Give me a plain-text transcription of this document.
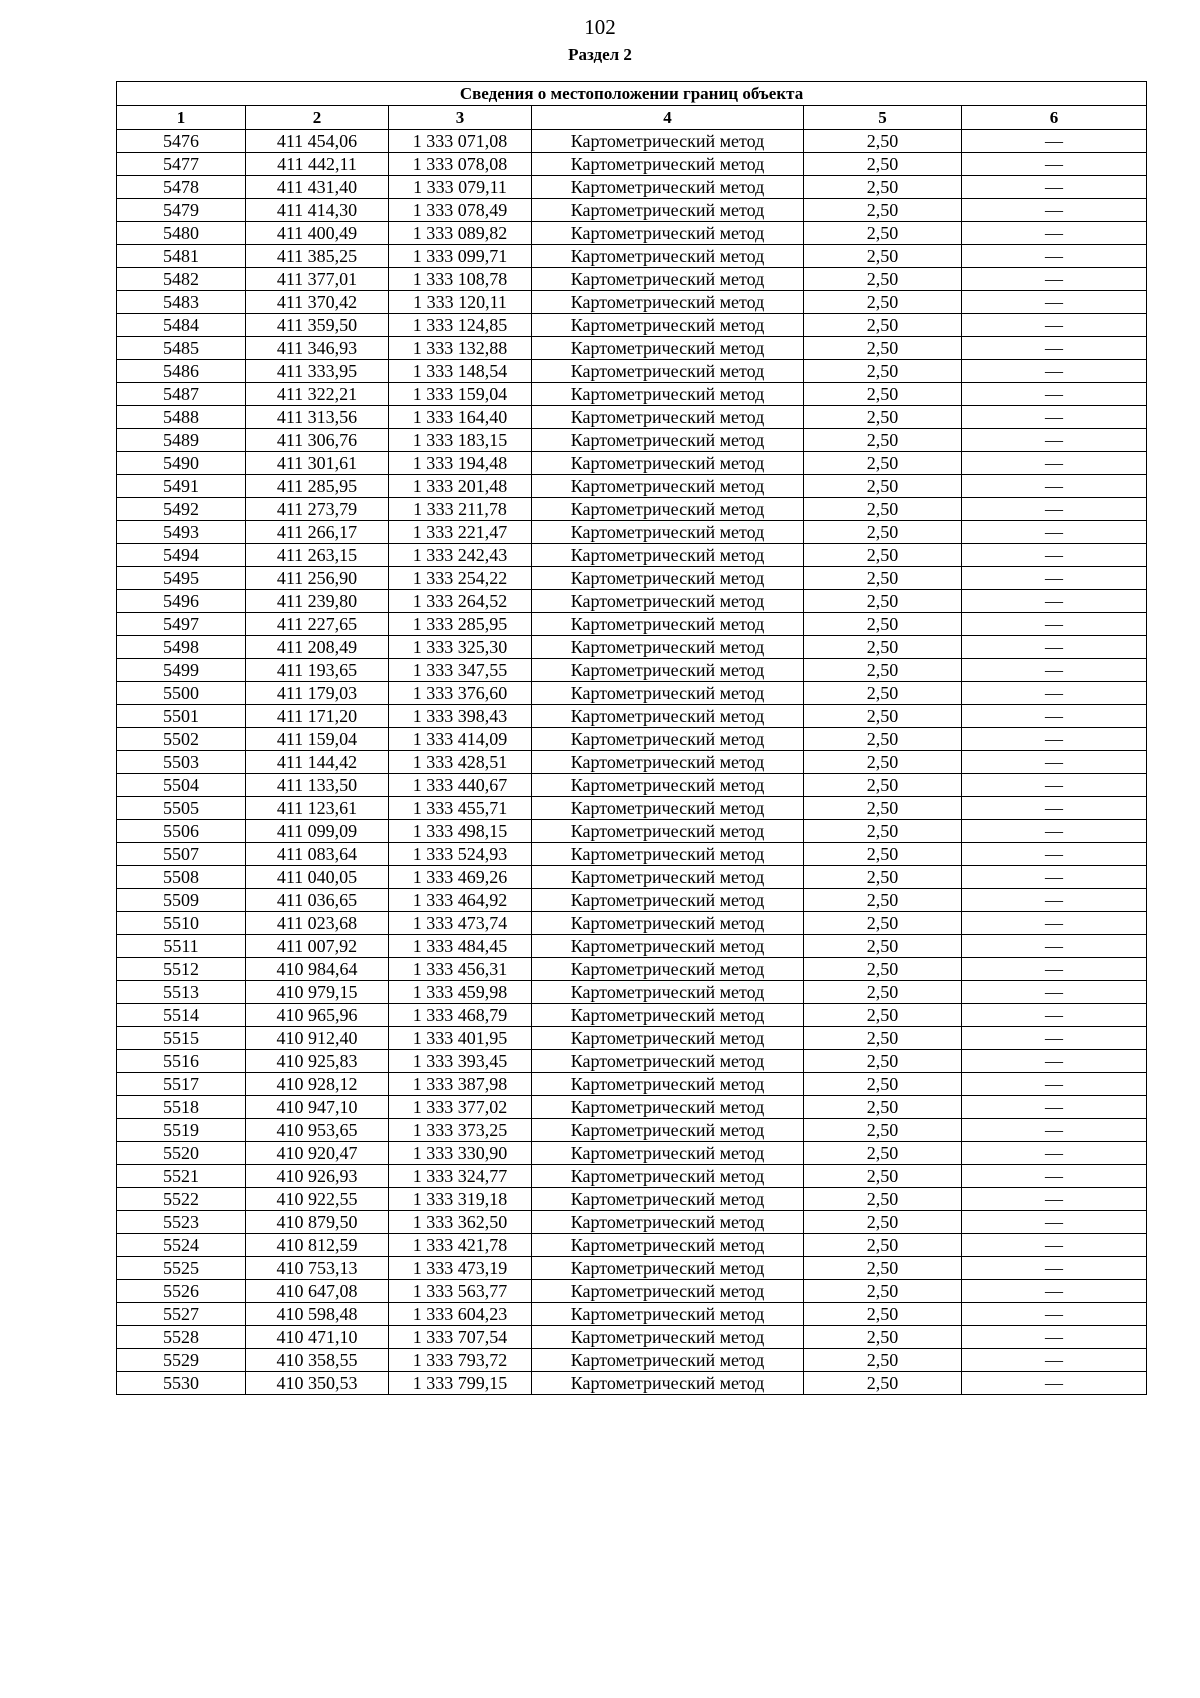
102
Раздел 2
Сведения о местоположении границ объекта					
1	2	3	4	5	6
5476	411 454,06	1 333 071,08	Картометрический метод	2,50	—
5477	411 442,11	1 333 078,08	Картометрический метод	2,50	—
5478	411 431,40	1 333 079,11	Картометрический метод	2,50	—
5479	411 414,30	1 333 078,49	Картометрический метод	2,50	—
5480	411 400,49	1 333 089,82	Картометрический метод	2,50	—
5481	411 385,25	1 333 099,71	Картометрический метод	2,50	—
5482	411 377,01	1 333 108,78	Картометрический метод	2,50	—
5483	411 370,42	1 333 120,11	Картометрический метод	2,50	—
5484	411 359,50	1 333 124,85	Картометрический метод	2,50	—
5485	411 346,93	1 333 132,88	Картометрический метод	2,50	—
5486	411 333,95	1 333 148,54	Картометрический метод	2,50	—
5487	411 322,21	1 333 159,04	Картометрический метод	2,50	—
5488	411 313,56	1 333 164,40	Картометрический метод	2,50	—
5489	411 306,76	1 333 183,15	Картометрический метод	2,50	—
5490	411 301,61	1 333 194,48	Картометрический метод	2,50	—
5491	411 285,95	1 333 201,48	Картометрический метод	2,50	—
5492	411 273,79	1 333 211,78	Картометрический метод	2,50	—
5493	411 266,17	1 333 221,47	Картометрический метод	2,50	—
5494	411 263,15	1 333 242,43	Картометрический метод	2,50	—
5495	411 256,90	1 333 254,22	Картометрический метод	2,50	—
5496	411 239,80	1 333 264,52	Картометрический метод	2,50	—
5497	411 227,65	1 333 285,95	Картометрический метод	2,50	—
5498	411 208,49	1 333 325,30	Картометрический метод	2,50	—
5499	411 193,65	1 333 347,55	Картометрический метод	2,50	—
5500	411 179,03	1 333 376,60	Картометрический метод	2,50	—
5501	411 171,20	1 333 398,43	Картометрический метод	2,50	—
5502	411 159,04	1 333 414,09	Картометрический метод	2,50	—
5503	411 144,42	1 333 428,51	Картометрический метод	2,50	—
5504	411 133,50	1 333 440,67	Картометрический метод	2,50	—
5505	411 123,61	1 333 455,71	Картометрический метод	2,50	—
5506	411 099,09	1 333 498,15	Картометрический метод	2,50	—
5507	411 083,64	1 333 524,93	Картометрический метод	2,50	—
5508	411 040,05	1 333 469,26	Картометрический метод	2,50	—
5509	411 036,65	1 333 464,92	Картометрический метод	2,50	—
5510	411 023,68	1 333 473,74	Картометрический метод	2,50	—
5511	411 007,92	1 333 484,45	Картометрический метод	2,50	—
5512	410 984,64	1 333 456,31	Картометрический метод	2,50	—
5513	410 979,15	1 333 459,98	Картометрический метод	2,50	—
5514	410 965,96	1 333 468,79	Картометрический метод	2,50	—
5515	410 912,40	1 333 401,95	Картометрический метод	2,50	—
5516	410 925,83	1 333 393,45	Картометрический метод	2,50	—
5517	410 928,12	1 333 387,98	Картометрический метод	2,50	—
5518	410 947,10	1 333 377,02	Картометрический метод	2,50	—
5519	410 953,65	1 333 373,25	Картометрический метод	2,50	—
5520	410 920,47	1 333 330,90	Картометрический метод	2,50	—
5521	410 926,93	1 333 324,77	Картометрический метод	2,50	—
5522	410 922,55	1 333 319,18	Картометрический метод	2,50	—
5523	410 879,50	1 333 362,50	Картометрический метод	2,50	—
5524	410 812,59	1 333 421,78	Картометрический метод	2,50	—
5525	410 753,13	1 333 473,19	Картометрический метод	2,50	—
5526	410 647,08	1 333 563,77	Картометрический метод	2,50	—
5527	410 598,48	1 333 604,23	Картометрический метод	2,50	—
5528	410 471,10	1 333 707,54	Картометрический метод	2,50	—
5529	410 358,55	1 333 793,72	Картометрический метод	2,50	—
5530	410 350,53	1 333 799,15	Картометрический метод	2,50	—
